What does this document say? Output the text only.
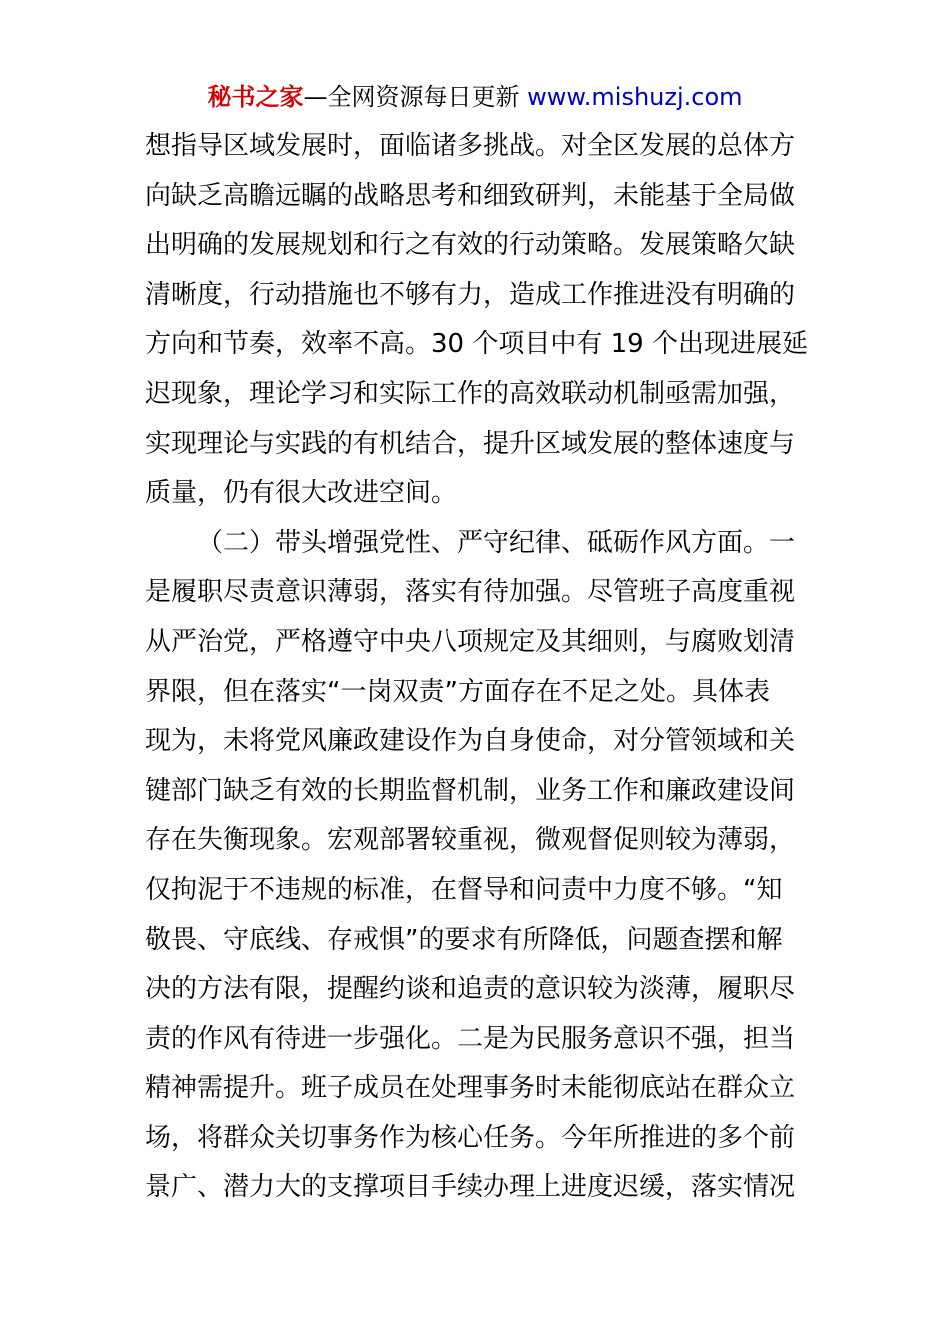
秘书之家—全网资源每日更新 www.mishuzj.com
想指导区域发展时，面临诸多挑战。对全区发展的总体方
向缺乏高瞻远瞩的战略思考和细致研判，未能基于全局做
出明确的发展规划和行之有效的行动策略。发展策略欠缺
清晰度，行动措施也不够有力，造成工作推进没有明确的
方向和节奏，效率不高。30 个项目中有 19 个出现进展延
迟现象，理论学习和实际工作的高效联动机制亟需加强，
实现理论与实践的有机结合，提升区域发展的整体速度与
质量，仍有很大改进空间。
（二）带头增强党性、严守纪律、砥砺作风方面。一
是履职尽责意识薄弱，落实有待加强。尽管班子高度重视
从严治党，严格遵守中央八项规定及其细则，与腐败划清
界限，但在落实“一岗双责”方面存在不足之处。具体表
现为，未将党风廉政建设作为自身使命，对分管领域和关
键部门缺乏有效的长期监督机制，业务工作和廉政建设间
存在失衡现象。宏观部署较重视，微观督促则较为薄弱，
仅拘泥于不违规的标准，在督导和问责中力度不够。“知
敬畏、守底线、存戒惧”的要求有所降低，问题查摆和解
决的方法有限，提醒约谈和追责的意识较为淡薄，履职尽
责的作风有待进一步强化。二是为民服务意识不强，担当
精神需提升。班子成员在处理事务时未能彻底站在群众立
场，将群众关切事务作为核心任务。今年所推进的多个前
景广、潜力大的支撑项目手续办理上进度迟缓，落实情况
